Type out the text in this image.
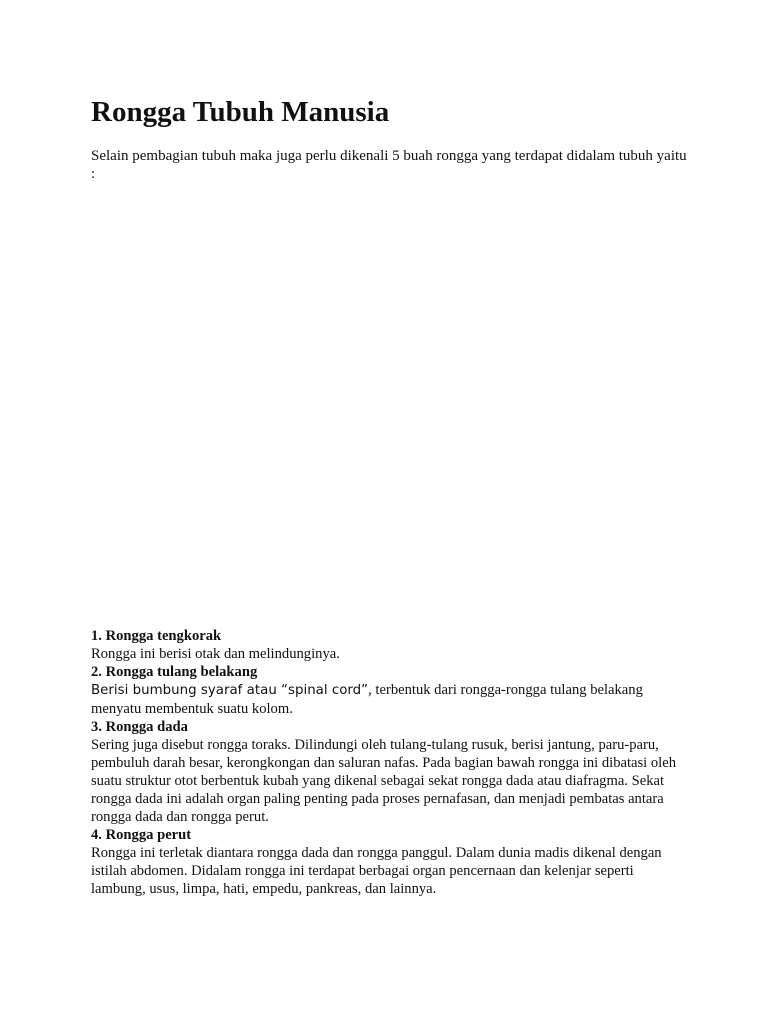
Rongga Tubuh Manusia

Selain pembagian tubuh maka juga perlu dikenali 5 buah rongga yang terdapat didalam tubuh yaitu :

1. Rongga tengkorak

Rongga ini berisi otak dan melindunginya.

2. Rongga tulang belakang

Berisi bumbung syaraf atau “spinal cord”, terbentuk dari rongga-rongga tulang belakang menyatu membentuk suatu kolom.

3. Rongga dada

Sering juga disebut rongga toraks. Dilindungi oleh tulang-tulang rusuk, berisi jantung, paru-paru, pembuluh darah besar, kerongkongan dan saluran nafas. Pada bagian bawah rongga ini dibatasi oleh suatu struktur otot berbentuk kubah yang dikenal sebagai sekat rongga dada atau diafragma. Sekat rongga dada ini adalah organ paling penting pada proses pernafasan, dan menjadi pembatas antara rongga dada dan rongga perut.

4. Rongga perut

Rongga ini terletak diantara rongga dada dan rongga panggul. Dalam dunia madis dikenal dengan istilah abdomen. Didalam rongga ini terdapat berbagai organ pencernaan dan kelenjar seperti lambung, usus, limpa, hati, empedu, pankreas, dan lainnya.
